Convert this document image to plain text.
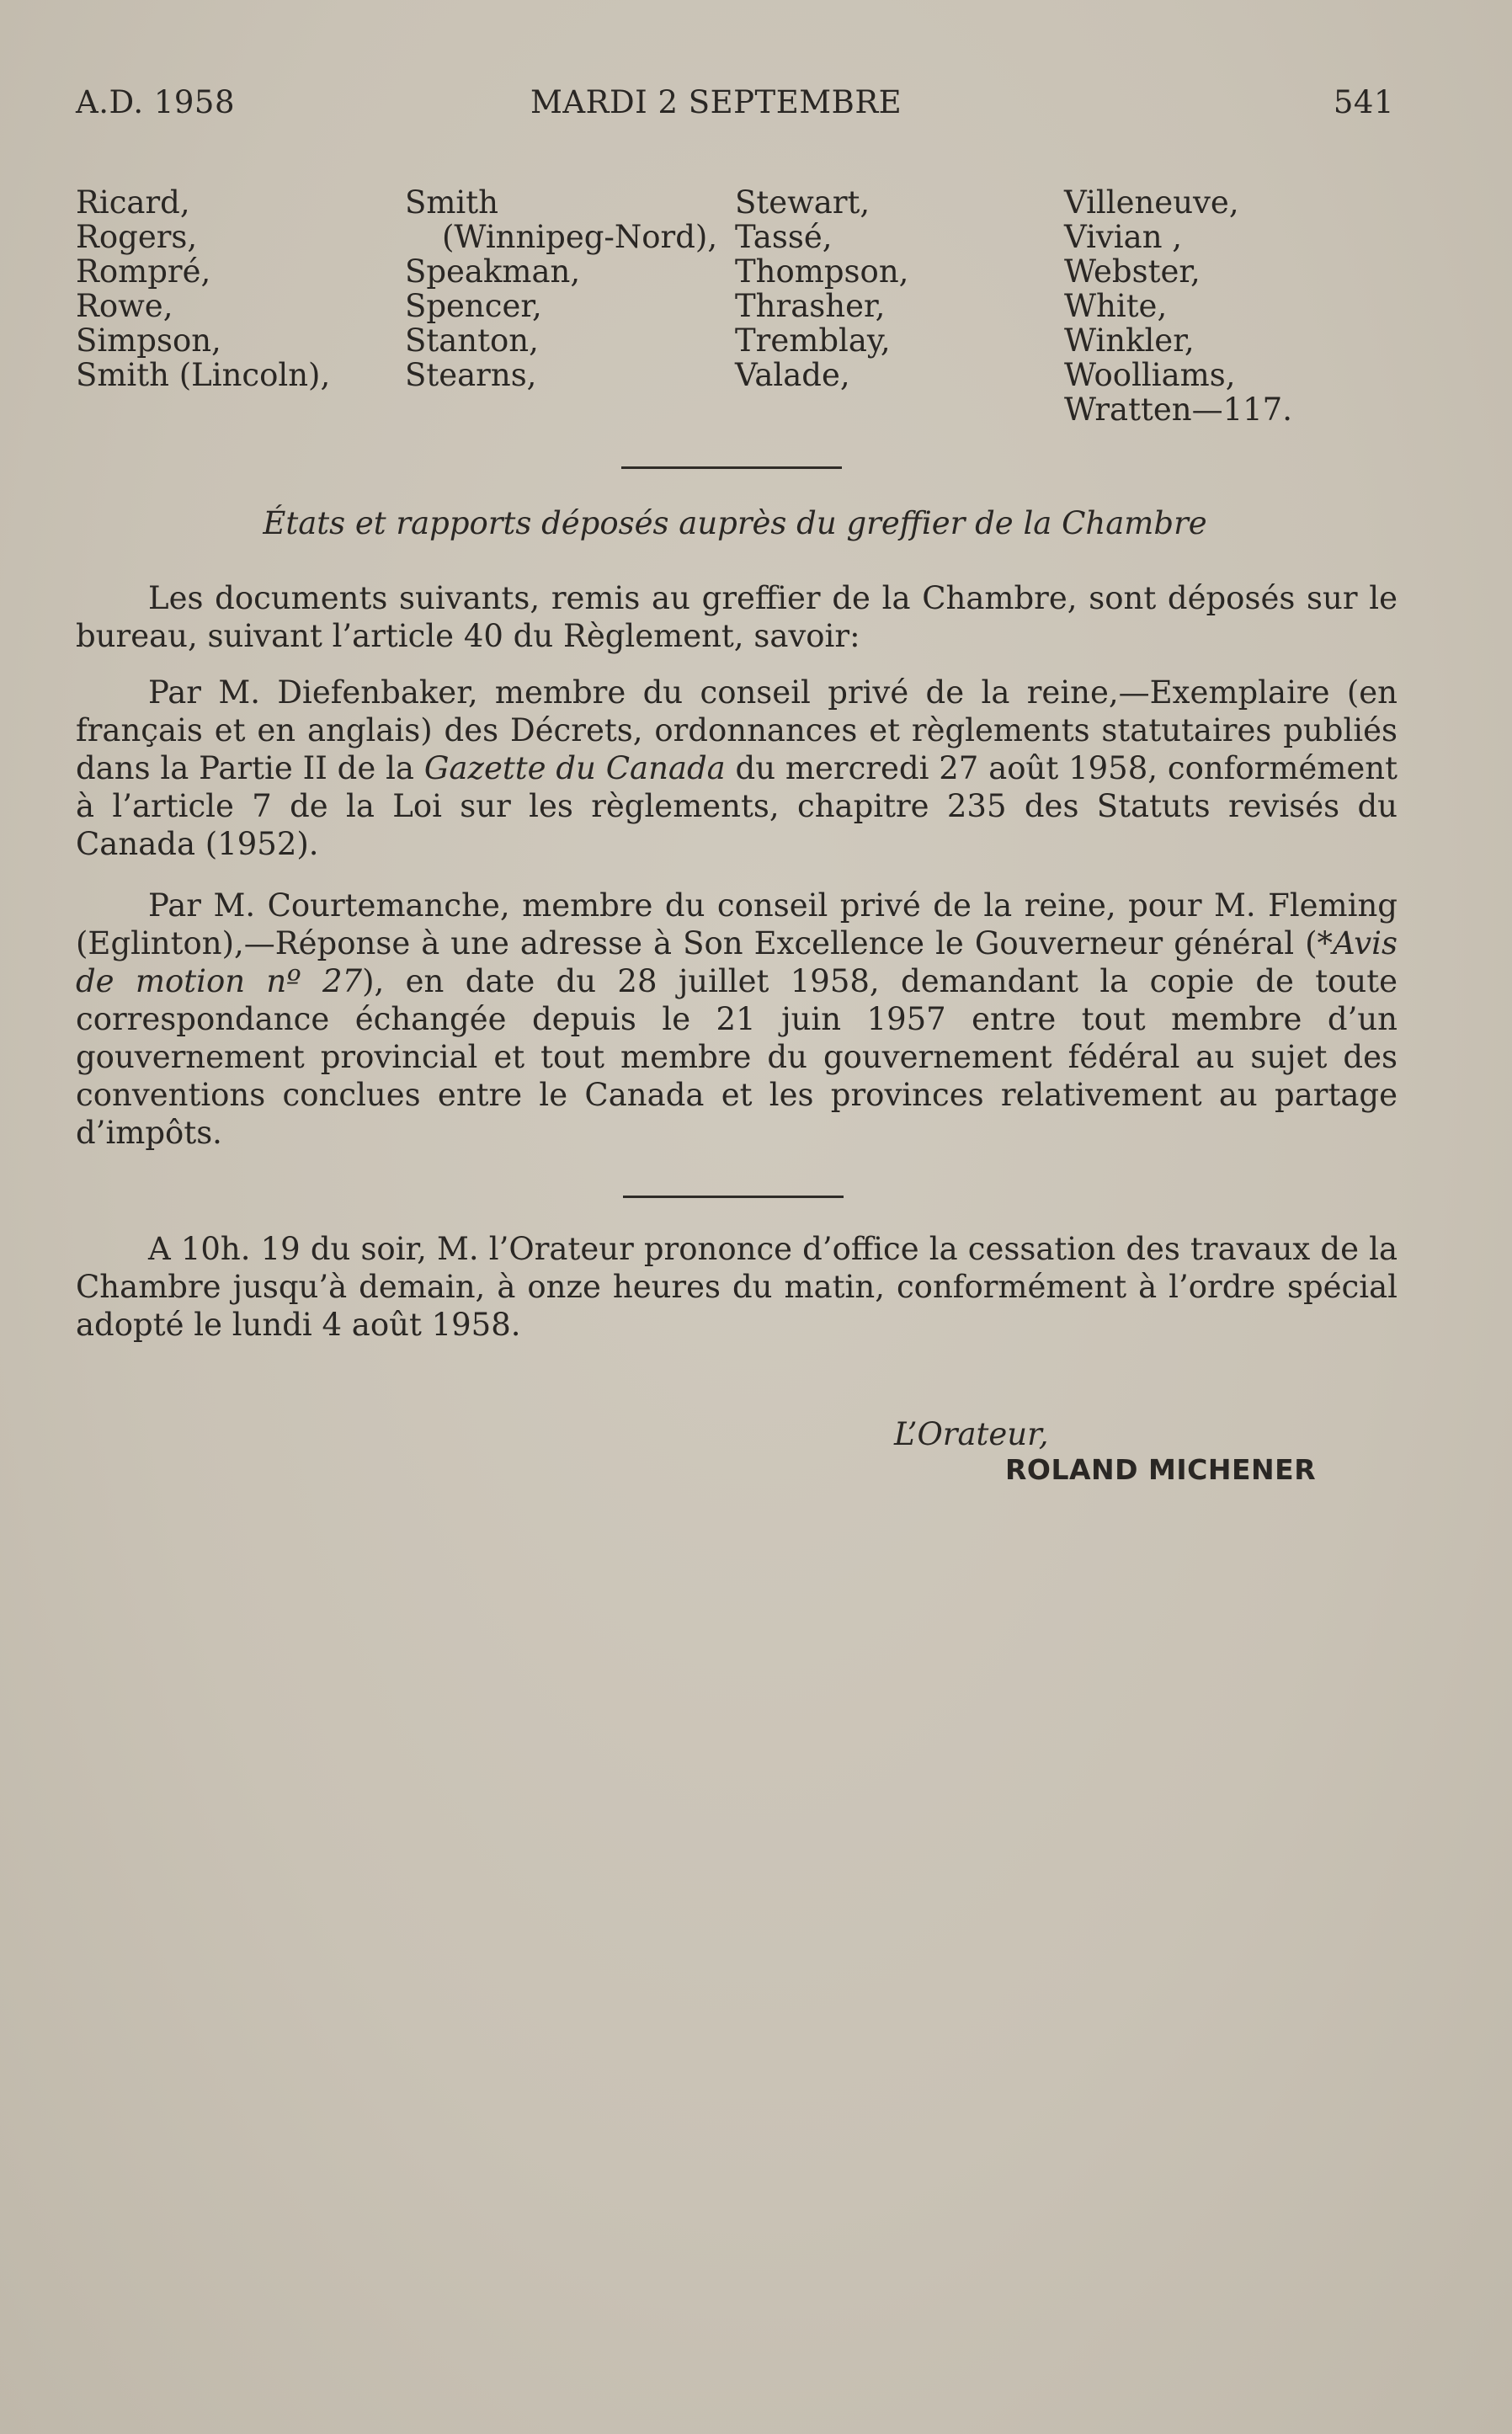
A.D. 1958	MARDI 2 SEPTEMBRE	541
Ricard,
Rogers,
Rompré,
Rowe,
Simpson,
Smith (Lincoln),
Smith
(Winnipeg-Nord),
Speakman,
Spencer,
Stanton,
Stearns,
Stewart,
Tassé,
Thompson,
Thrasher,
Tremblay,
Valade,
Villeneuve,
Vivian ,
Webster,
White,
Winkler,
Woolliams,
Wratten—117.
États et rapports déposés auprès du greffier de la Chambre

Les documents suivants, remis au greffier de la Chambre, sont déposés sur le bureau, suivant l’article 40 du Règlement, savoir:

Par M. Diefenbaker, membre du conseil privé de la reine,—Exemplaire (en français et en anglais) des Décrets, ordonnances et règlements statutaires publiés dans la Partie II de la Gazette du Canada du mercredi 27 août 1958, conformément à l’article 7 de la Loi sur les règlements, chapitre 235 des Statuts revisés du Canada (1952).

Par M. Courtemanche, membre du conseil privé de la reine, pour M. Fleming (Eglinton),—Réponse à une adresse à Son Excellence le Gouverneur général (*Avis de motion nº 27), en date du 28 juillet 1958, demandant la copie de toute correspondance échangée depuis le 21 juin 1957 entre tout membre d’un gouvernement provincial et tout membre du gouvernement fédéral au sujet des conventions conclues entre le Canada et les provinces relativement au partage d’impôts.

A 10h. 19 du soir, M. l’Orateur prononce d’office la cessation des travaux de la Chambre jusqu’à demain, à onze heures du matin, conformément à l’ordre spécial adopté le lundi 4 août 1958.

L’Orateur,
ROLAND MICHENER
